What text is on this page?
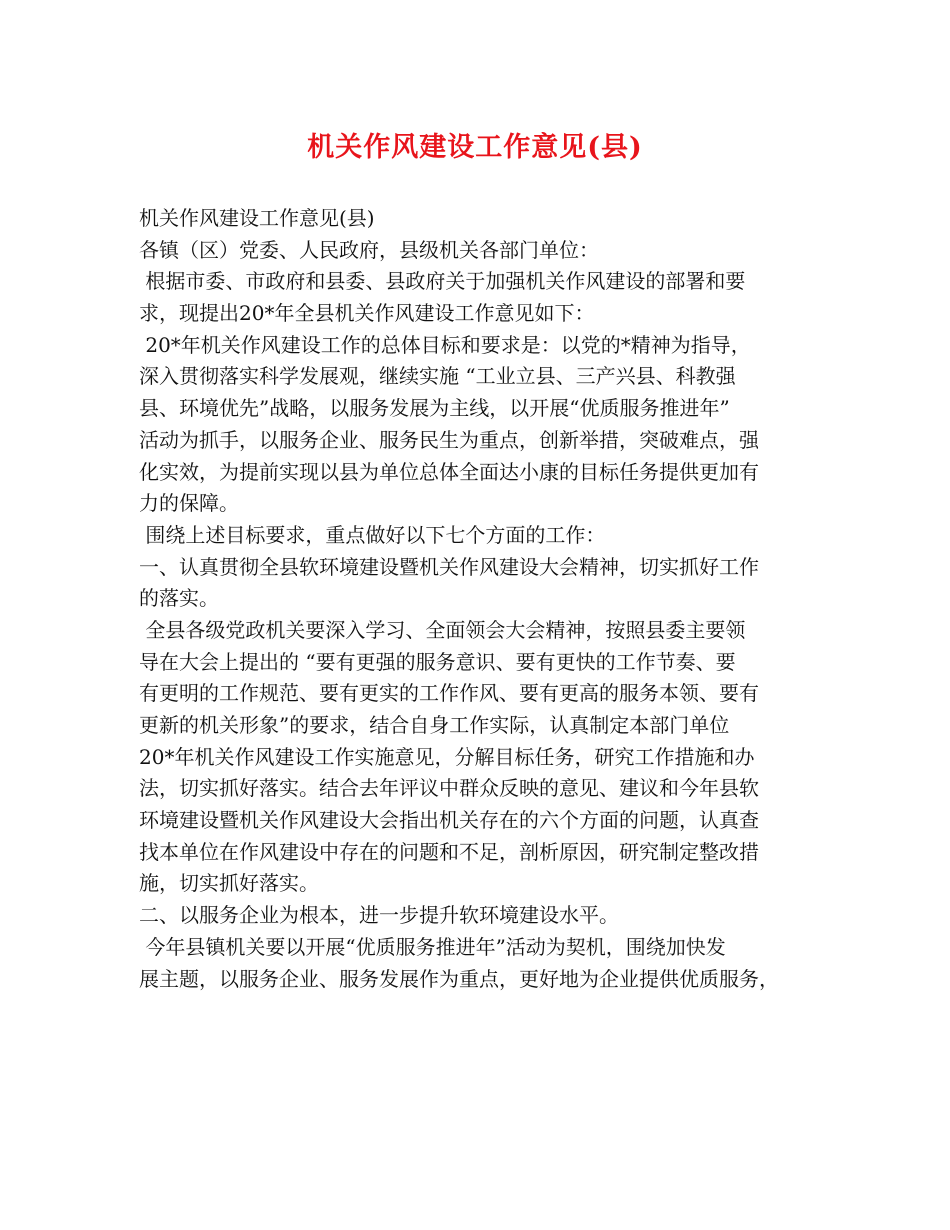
机关作风建设工作意见(县)
机关作风建设工作意见(县)
各镇（区）党委、人民政府，县级机关各部门单位：
根据市委、市政府和县委、县政府关于加强机关作风建设的部署和要
求，现提出20*年全县机关作风建设工作意见如下：
20*年机关作风建设工作的总体目标和要求是：以党的*精神为指导，
深入贯彻落实科学发展观，继续实施 “工业立县、三产兴县、科教强
县、环境优先”战略，以服务发展为主线，以开展“优质服务推进年”
活动为抓手，以服务企业、服务民生为重点，创新举措，突破难点，强
化实效，为提前实现以县为单位总体全面达小康的目标任务提供更加有
力的保障。
围绕上述目标要求，重点做好以下七个方面的工作：
一、认真贯彻全县软环境建设暨机关作风建设大会精神，切实抓好工作
的落实。
全县各级党政机关要深入学习、全面领会大会精神，按照县委主要领
导在大会上提出的 “要有更强的服务意识、要有更快的工作节奏、要
有更明的工作规范、要有更实的工作作风、要有更高的服务本领、要有
更新的机关形象”的要求，结合自身工作实际，认真制定本部门单位
20*年机关作风建设工作实施意见，分解目标任务，研究工作措施和办
法，切实抓好落实。结合去年评议中群众反映的意见、建议和今年县软
环境建设暨机关作风建设大会指出机关存在的六个方面的问题，认真查
找本单位在作风建设中存在的问题和不足，剖析原因，研究制定整改措
施，切实抓好落实。
二、以服务企业为根本，进一步提升软环境建设水平。
今年县镇机关要以开展“优质服务推进年”活动为契机，围绕加快发
展主题，以服务企业、服务发展作为重点，更好地为企业提供优质服务，
